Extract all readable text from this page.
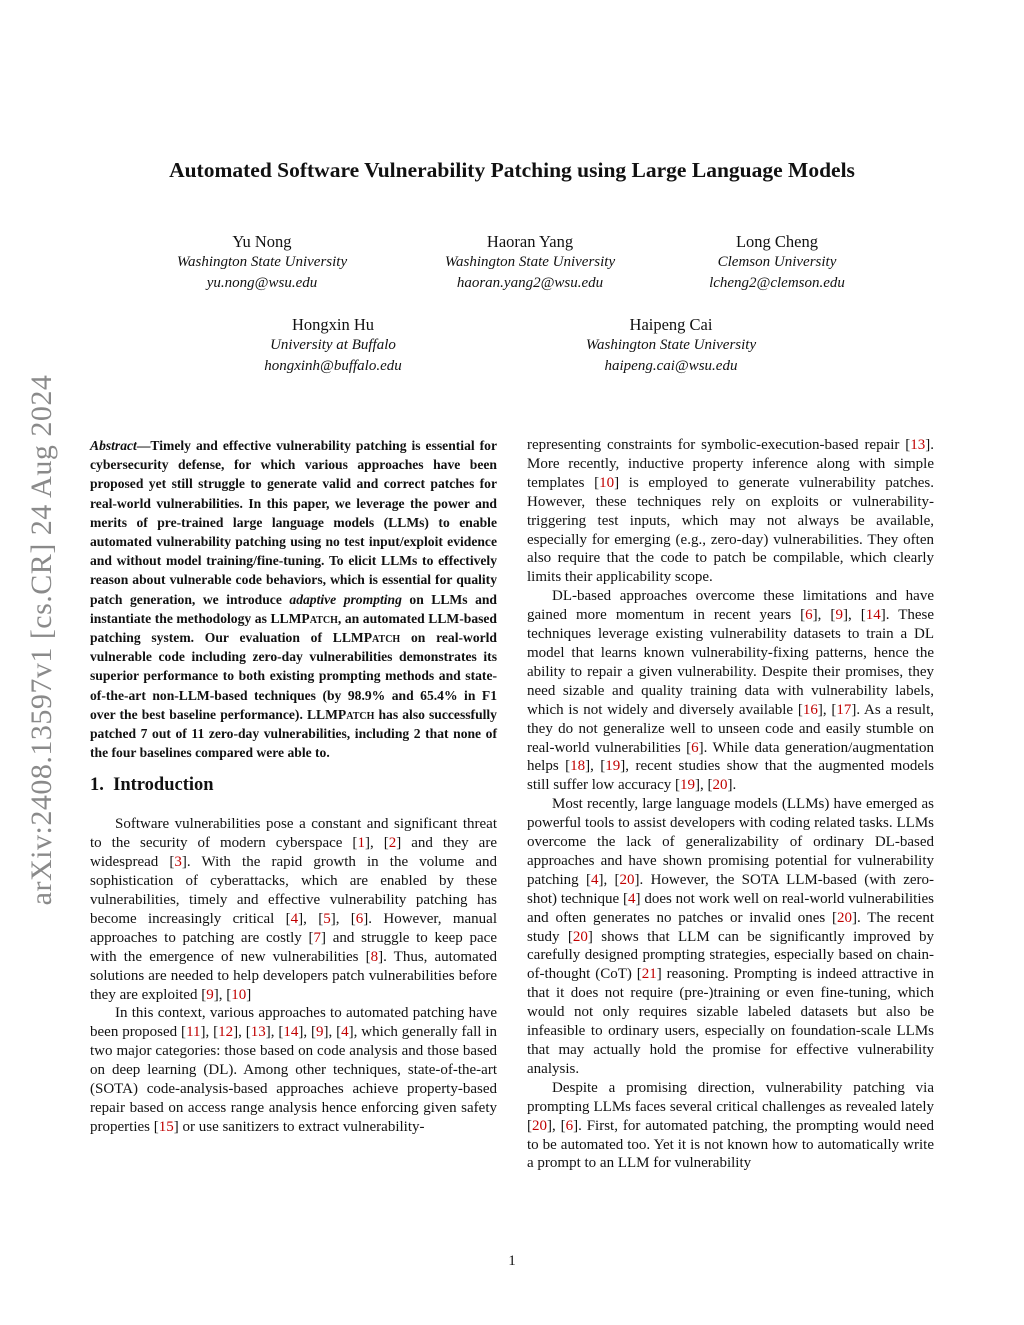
Automated Software Vulnerability Patching using Large Language Models
Yu Nong
Washington State University
yu.nong@wsu.edu
Haoran Yang
Washington State University
haoran.yang2@wsu.edu
Long Cheng
Clemson University
lcheng2@clemson.edu
Hongxin Hu
University at Buffalo
hongxinh@buffalo.edu
Haipeng Cai
Washington State University
haipeng.cai@wsu.edu
arXiv:2408.13597v1 [cs.CR] 24 Aug 2024 Abstract—Timely and effective vulnerability patching is essential for cybersecurity defense, for which various approaches have been proposed yet still struggle to generate valid and correct patches for real-world vulnerabilities. In this paper, we leverage the power and merits of pre-trained large language models (LLMs) to enable automated vulnerability patching using no test input/exploit evidence and without model training/fine-tuning. To elicit LLMs to effectively reason about vulnerable code behaviors, which is essential for quality patch generation, we introduce adaptive prompting on LLMs and instantiate the methodology as LLMPatch, an automated LLM-based patching system. Our evaluation of LLMPatch on real-world vulnerable code including zero-day vulnerabilities demonstrates its superior performance to both existing prompting methods and state-of-the-art non-LLM-based techniques (by 98.9% and 65.4% in F1 over the best baseline performance). LLMPatch has also successfully patched 7 out of 11 zero-day vulnerabilities, including 2 that none of the four baselines compared were able to.

1. Introduction

Software vulnerabilities pose a constant and significant threat to the security of modern cyberspace [1], [2] and they are widespread [3]. With the rapid growth in the volume and sophistication of cyberattacks, which are enabled by these vulnerabilities, timely and effective vulnerability patching has become increasingly critical [4], [5], [6]. However, manual approaches to patching are costly [7] and struggle to keep pace with the emergence of new vulnerabilities [8]. Thus, automated solutions are needed to help developers patch vulnerabilities before they are exploited [9], [10]

In this context, various approaches to automated patching have been proposed [11], [12], [13], [14], [9], [4], which generally fall in two major categories: those based on code analysis and those based on deep learning (DL). Among other techniques, state-of-the-art (SOTA) code-analysis-based approaches achieve property-based repair based on access range analysis hence enforcing given safety properties [15] or use sanitizers to extract vulnerability-

representing constraints for symbolic-execution-based repair [13]. More recently, inductive property inference along with simple templates [10] is employed to generate vulnerability patches. However, these techniques rely on exploits or vulnerability-triggering test inputs, which may not always be available, especially for emerging (e.g., zero-day) vulnerabilities. They often also require that the code to patch be compilable, which clearly limits their applicability scope.

DL-based approaches overcome these limitations and have gained more momentum in recent years [6], [9], [14]. These techniques leverage existing vulnerability datasets to train a DL model that learns known vulnerability-fixing patterns, hence the ability to repair a given vulnerability. Despite their promises, they need sizable and quality training data with vulnerability labels, which is not widely and diversely available [16], [17]. As a result, they do not generalize well to unseen code and easily stumble on real-world vulnerabilities [6]. While data generation/augmentation helps [18], [19], recent studies show that the augmented models still suffer low accuracy [19], [20].

Most recently, large language models (LLMs) have emerged as powerful tools to assist developers with coding related tasks. LLMs overcome the lack of generalizability of ordinary DL-based approaches and have shown promising potential for vulnerability patching [4], [20]. However, the SOTA LLM-based (with zero-shot) technique [4] does not work well on real-world vulnerabilities and often generates no patches or invalid ones [20]. The recent study [20] shows that LLM can be significantly improved by carefully designed prompting strategies, especially based on chain-of-thought (CoT) [21] reasoning. Prompting is indeed attractive in that it does not require (pre-)training or even fine-tuning, which would not only requires sizable labeled datasets but also be infeasible to ordinary users, especially on foundation-scale LLMs that may actually hold the promise for effective vulnerability analysis.

Despite a promising direction, vulnerability patching via prompting LLMs faces several critical challenges as revealed lately [20], [6]. First, for automated patching, the prompting would need to be automated too. Yet it is not known how to automatically write a prompt to an LLM for vulnerability

1
